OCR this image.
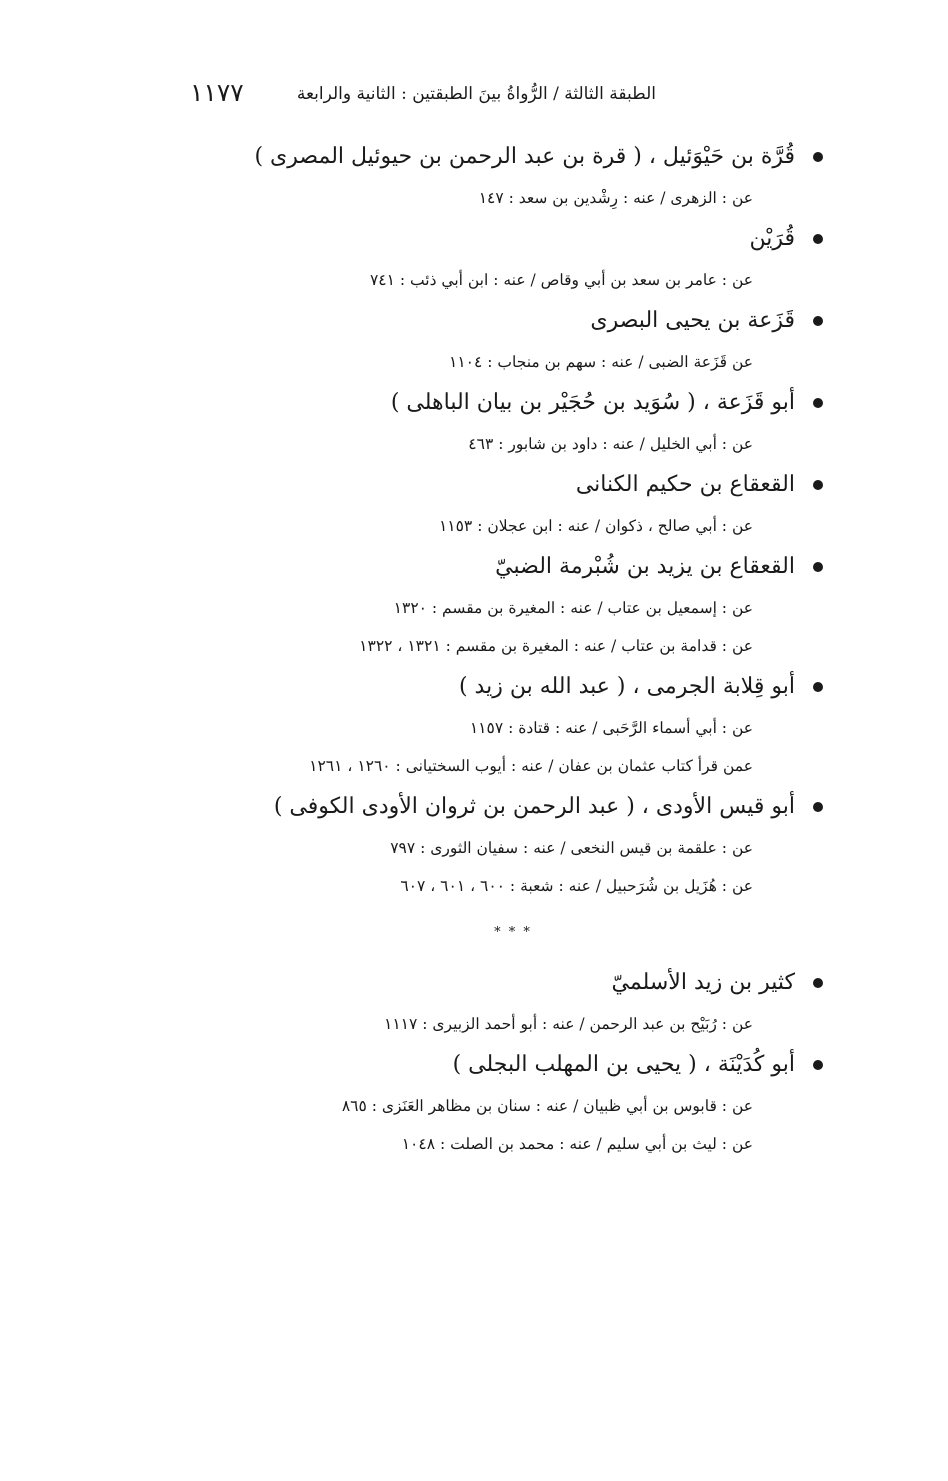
١١٧٧	الطبقة الثالثة / الرُّواةُ بينَ الطبقتين : الثانية والرابعة
قُرَّة بن حَيْوَئيل ، ( قرة بن عبد الرحمن بن حيوئيل المصرى )
عن : الزهرى / عنه : رِشْدين بن سعد : ١٤٧
قُرَيْن
عن : عامر بن سعد بن أبي وقاص / عنه : ابن أبي ذئب : ٧٤١
قَزَعة بن يحيى البصرى
عن قَزَعة الضبى / عنه : سهم بن منجاب : ١١٠٤
أبو قَزَعة ، ( سُوَيد بن حُجَيْر بن بيان الباهلى )
عن : أبي الخليل / عنه : داود بن شابور : ٤٦٣
القعقاع بن حكيم الكنانى
عن : أبي صالح ، ذكوان / عنه : ابن عجلان : ١١٥٣
القعقاع بن يزيد بن شُبْرمة الضبيّ
عن : إسمعيل بن عتاب / عنه : المغيرة بن مقسم : ١٣٢٠
عن : قدامة بن عتاب / عنه : المغيرة بن مقسم : ١٣٢١ ، ١٣٢٢
أبو قِلابة الجرمى ، ( عبد الله بن زيد )
عن : أبي أسماء الرَّحَبى / عنه : قتادة : ١١٥٧
عمن قرأ كتاب عثمان بن عفان / عنه : أيوب السختيانى : ١٢٦٠ ، ١٢٦١
أبو قيس الأودى ، ( عبد الرحمن بن ثروان الأودى الكوفى )
عن : علقمة بن قيس النخعى / عنه : سفيان الثورى : ٧٩٧
عن : هُزَيل بن شُرَحبيل / عنه : شعبة : ٦٠٠ ، ٦٠١ ، ٦٠٧
* * *
كثير بن زيد الأسلميّ
عن : رُبَيْح بن عبد الرحمن / عنه : أبو أحمد الزبيرى : ١١١٧
أبو كُدَيْنَة ، ( يحيى بن المهلب البجلى )
عن : قابوس بن أبي ظبيان / عنه : سنان بن مظاهر العَنَزى : ٨٦٥
عن : ليث بن أبي سليم / عنه : محمد بن الصلت : ١٠٤٨
